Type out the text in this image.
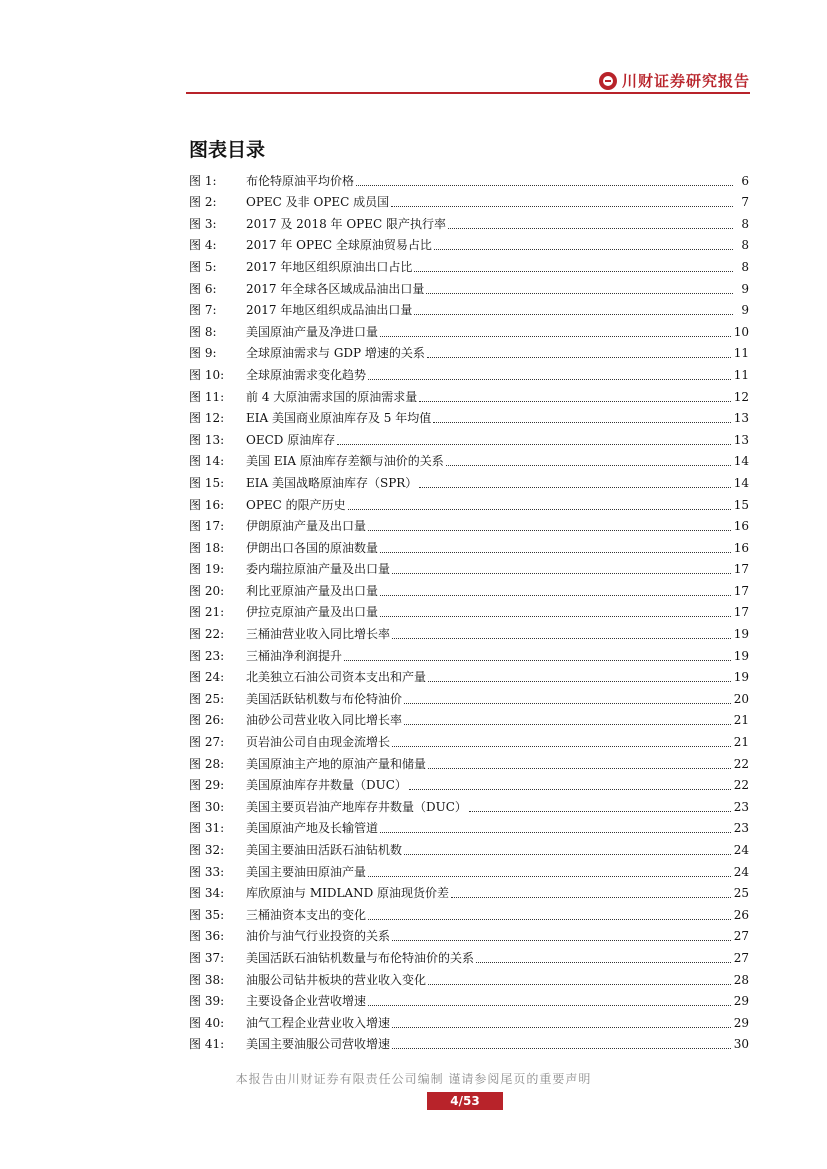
川财证券研究报告
图表目录
图 1:	布伦特原油平均价格	6
图 2:	OPEC 及非 OPEC 成员国	7
图 3:	2017 及 2018 年 OPEC 限产执行率	8
图 4:	2017 年 OPEC 全球原油贸易占比	8
图 5:	2017 年地区组织原油出口占比	8
图 6:	2017 年全球各区域成品油出口量	9
图 7:	2017 年地区组织成品油出口量	9
图 8:	美国原油产量及净进口量	10
图 9:	全球原油需求与 GDP 增速的关系	11
图 10:	全球原油需求变化趋势	11
图 11:	前 4 大原油需求国的原油需求量	12
图 12:	EIA 美国商业原油库存及 5 年均值	13
图 13:	OECD 原油库存	13
图 14:	美国 EIA 原油库存差额与油价的关系	14
图 15:	EIA 美国战略原油库存（SPR）	14
图 16:	OPEC 的限产历史	15
图 17:	伊朗原油产量及出口量	16
图 18:	伊朗出口各国的原油数量	16
图 19:	委内瑞拉原油产量及出口量	17
图 20:	利比亚原油产量及出口量	17
图 21:	伊拉克原油产量及出口量	17
图 22:	三桶油营业收入同比增长率	19
图 23:	三桶油净利润提升	19
图 24:	北美独立石油公司资本支出和产量	19
图 25:	美国活跃钻机数与布伦特油价	20
图 26:	油砂公司营业收入同比增长率	21
图 27:	页岩油公司自由现金流增长	21
图 28:	美国原油主产地的原油产量和储量	22
图 29:	美国原油库存井数量（DUC）	22
图 30:	美国主要页岩油产地库存井数量（DUC）	23
图 31:	美国原油产地及长输管道	23
图 32:	美国主要油田活跃石油钻机数	24
图 33:	美国主要油田原油产量	24
图 34:	库欣原油与 MIDLAND 原油现货价差	25
图 35:	三桶油资本支出的变化	26
图 36:	油价与油气行业投资的关系	27
图 37:	美国活跃石油钻机数量与布伦特油价的关系	27
图 38:	油服公司钻井板块的营业收入变化	28
图 39:	主要设备企业营收增速	29
图 40:	油气工程企业营业收入增速	29
图 41:	美国主要油服公司营收增速	30
本报告由川财证券有限责任公司编制 谨请参阅尾页的重要声明
4/53
